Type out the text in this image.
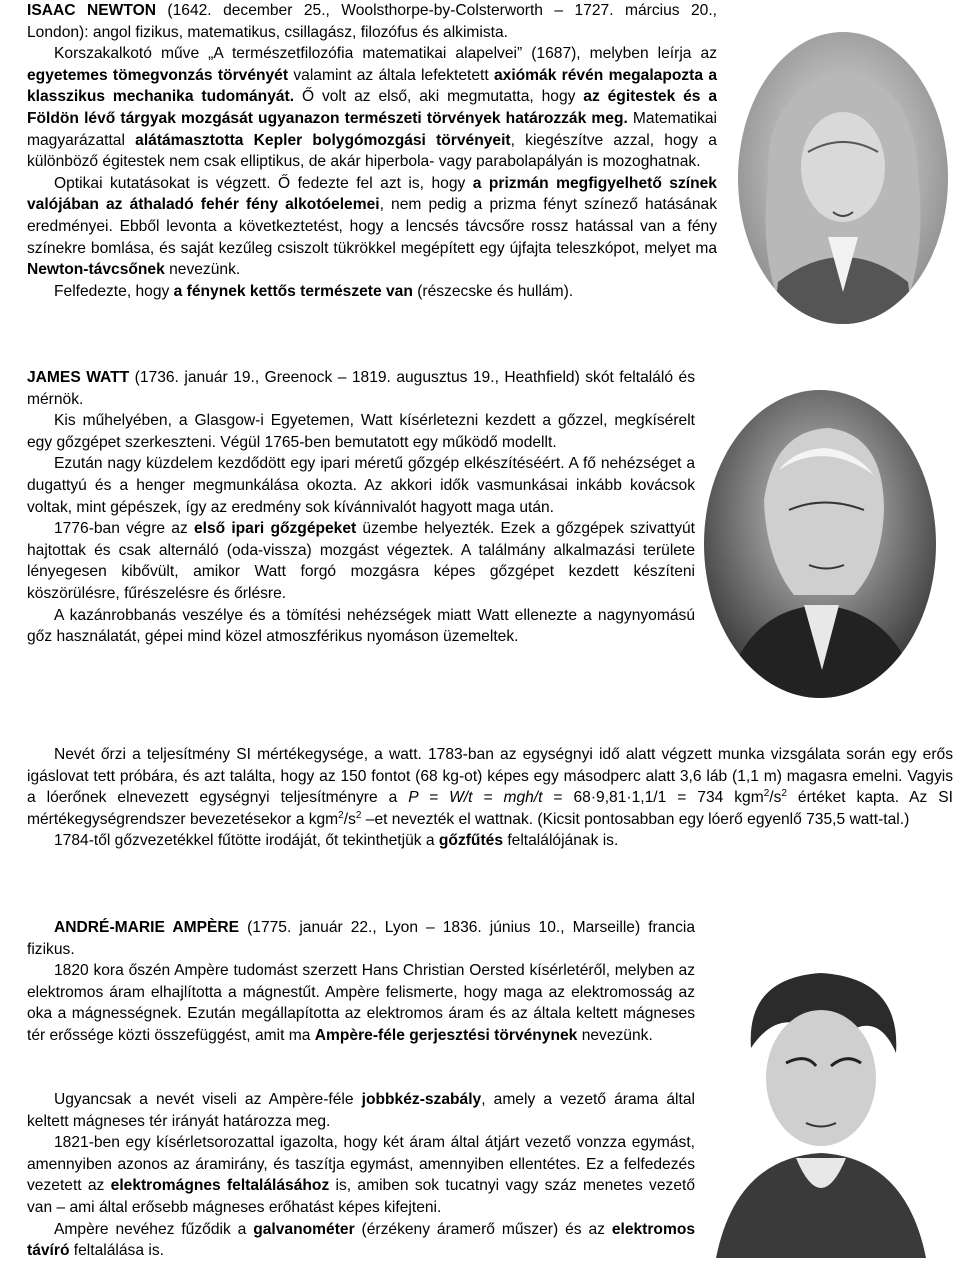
ISAAC NEWTON (1642. december 25., Woolsthorpe-by-Colsterworth – 1727. március 20., London): angol fizikus, matematikus, csillagász, filozófus és alkimista.

Korszakalkotó műve „A természetfilozófia matematikai alapelvei” (1687), melyben leírja az egyetemes tömegvonzás törvényét valamint az általa lefektetett axiómák révén megalapozta a klasszikus mechanika tudományát. Ő volt az első, aki megmutatta, hogy az égitestek és a Földön lévő tárgyak mozgását ugyanazon természeti törvények határozzák meg. Matematikai magyarázattal alátámasztotta Kepler bolygómozgási törvényeit, kiegészítve azzal, hogy a különböző égitestek nem csak elliptikus, de akár hiperbola- vagy parabolapályán is mozoghatnak.

Optikai kutatásokat is végzett. Ő fedezte fel azt is, hogy a prizmán megfigyelhető színek valójában az áthaladó fehér fény alkotóelemei, nem pedig a prizma fényt színező hatásának eredményei. Ebből levonta a következtetést, hogy a lencsés távcsőre rossz hatással van a fény színekre bomlása, és saját kezűleg csiszolt tükrökkel megépített egy újfajta teleszkópot, melyet ma Newton-távcsőnek nevezünk.

Felfedezte, hogy a fénynek kettős természete van (részecske és hullám).

JAMES WATT (1736. január 19., Greenock – 1819. augusztus 19., Heathfield) skót feltaláló és mérnök.

Kis műhelyében, a Glasgow-i Egyetemen, Watt kísérletezni kezdett a gőzzel, megkísérelt egy gőzgépet szerkeszteni. Végül 1765-ben bemutatott egy működő modellt.

Ezután nagy küzdelem kezdődött egy ipari méretű gőzgép elkészítéséért. A fő nehézséget a dugattyú és a henger megmunkálása okozta. Az akkori idők vasmunkásai inkább kovácsok voltak, mint gépészek, így az eredmény sok kívánnivalót hagyott maga után.

1776-ban végre az első ipari gőzgépeket üzembe helyezték. Ezek a gőzgépek szivattyút hajtottak és csak alternáló (oda-vissza) mozgást végeztek. A találmány alkalmazási területe lényegesen kibővült, amikor Watt forgó mozgásra képes gőzgépet kezdett készíteni köszörülésre, fűrészelésre és őrlésre.

A kazánrobbanás veszélye és a tömítési nehézségek miatt Watt ellenezte a nagynyomású gőz használatát, gépei mind közel atmoszférikus nyomáson üzemeltek.

Nevét őrzi a teljesítmény SI mértékegysége, a watt. 1783-ban az egységnyi idő alatt végzett munka vizsgálata során egy erős igáslovat tett próbára, és azt találta, hogy az 150 fontot (68 kg-ot) képes egy másodperc alatt 3,6 láb (1,1 m) magasra emelni. Vagyis a lóerőnek elnevezett egységnyi teljesítményre a P = W/t = mgh/t = 68·9,81·1,1/1 = 734 $kgm^2/s^2$ értéket kapta. Az SI mértékegységrendszer bevezetésekor a $kgm^2/s^2$ –et nevezték el wattnak. (Kicsit pontosabban egy lóerő egyenlő 735,5 watt-tal.)

1784-től gőzvezetékkel fűtötte irodáját, őt tekinthetjük a gőzfűtés feltalálójának is.

ANDRÉ-MARIE AMPÈRE (1775. január 22., Lyon – 1836. június 10., Marseille) francia fizikus.

1820 kora őszén Ampère tudomást szerzett Hans Christian Oersted kísérletéről, melyben az elektromos áram elhajlította a mágnestűt. Ampère felismerte, hogy maga az elektromosság az oka a mágnességnek. Ezután megállapította az elektromos áram és az általa keltett mágneses tér erőssége közti összefüggést, amit ma Ampère-féle gerjesztési törvénynek nevezünk.

Ugyancsak a nevét viseli az Ampère-féle jobbkéz-szabály, amely a vezető árama által keltett mágneses tér irányát határozza meg.

1821-ben egy kísérletsorozattal igazolta, hogy két áram által átjárt vezető vonzza egymást, amennyiben azonos az áramirány, és taszítja egymást, amennyiben ellentétes. Ez a felfedezés vezetett az elektromágnes feltalálásához is, amiben sok tucatnyi vagy száz menetes vezető van – ami által erősebb mágneses erőhatást képes kifejteni.

Ampère nevéhez fűződik a galvanométer (érzékeny áramerő műszer) és az elektromos távíró feltalálása is.
